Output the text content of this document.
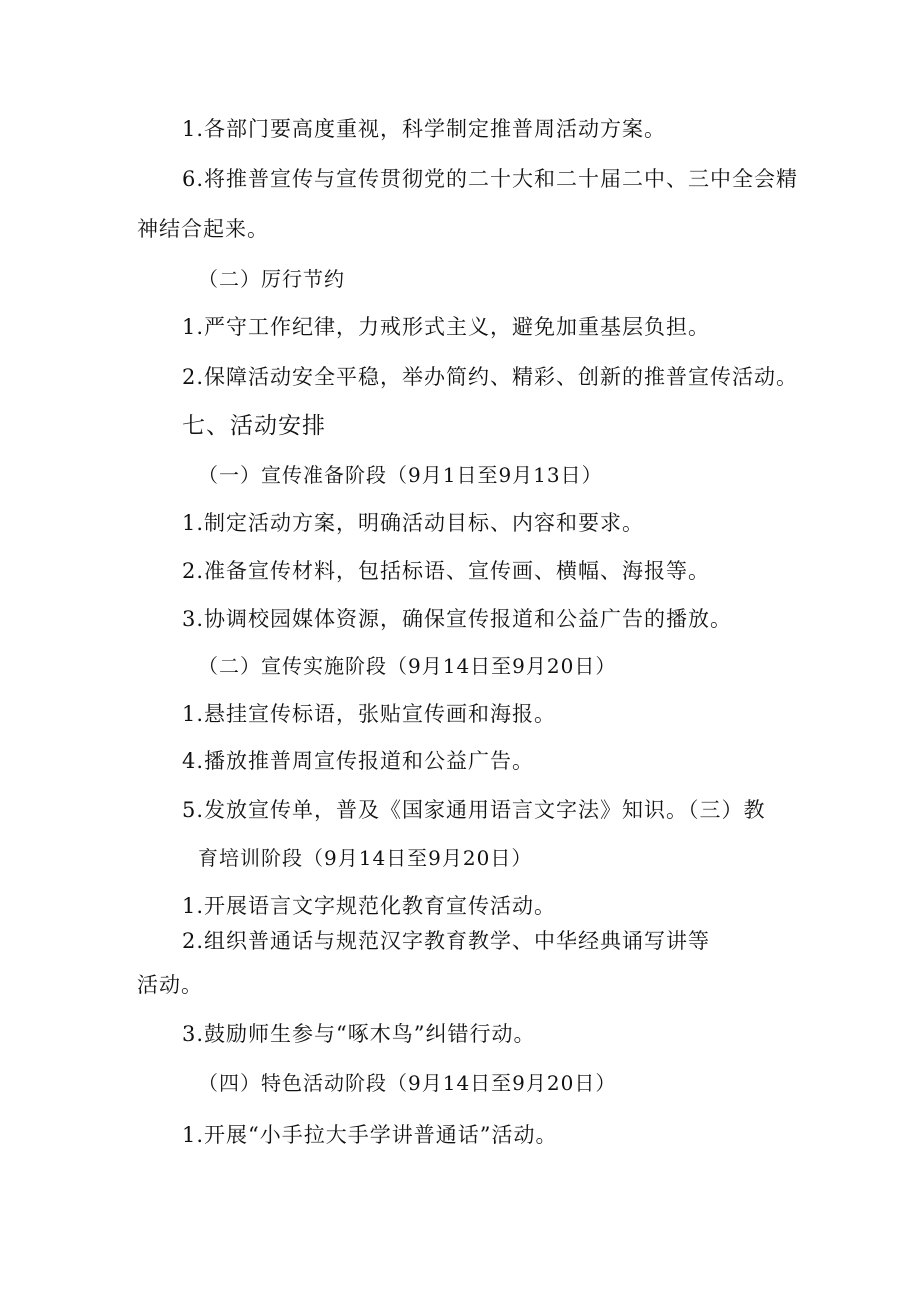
1.各部门要高度重视，科学制定推普周活动方案。
6.将推普宣传与宣传贯彻党的二十大和二十届二中、三中全会精
神结合起来。
（二）厉行节约
1.严守工作纪律，力戒形式主义，避免加重基层负担。
2.保障活动安全平稳，举办简约、精彩、创新的推普宣传活动。
七、活动安排
（一）宣传准备阶段（9月1日至9月13日）
1.制定活动方案，明确活动目标、内容和要求。
2.准备宣传材料，包括标语、宣传画、横幅、海报等。
3.协调校园媒体资源，确保宣传报道和公益广告的播放。
（二）宣传实施阶段（9月14日至9月20日）
1.悬挂宣传标语，张贴宣传画和海报。
4.播放推普周宣传报道和公益广告。
5.发放宣传单，普及《国家通用语言文字法》知识。（三）教
育培训阶段（9月14日至9月20日）
1.开展语言文字规范化教育宣传活动。
2.组织普通话与规范汉字教育教学、中华经典诵写讲等
活动。
3.鼓励师生参与“啄木鸟”纠错行动。
（四）特色活动阶段（9月14日至9月20日）
1.开展“小手拉大手学讲普通话”活动。
